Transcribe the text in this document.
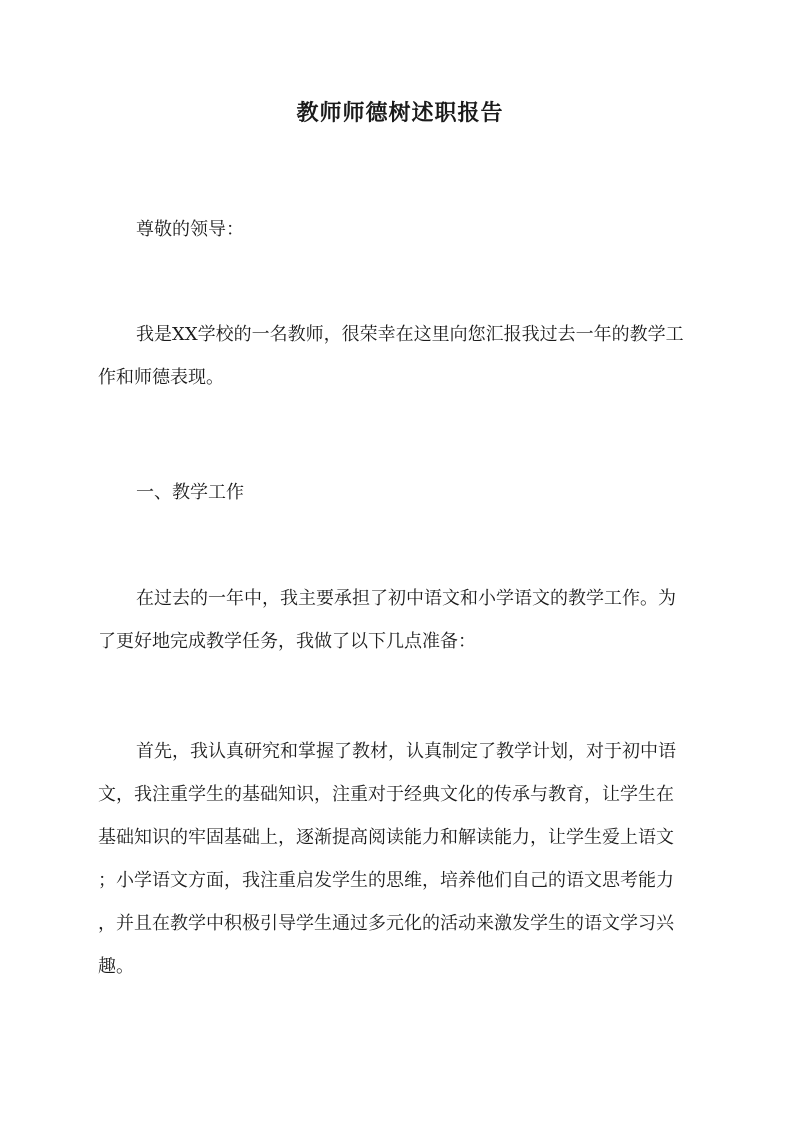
教师师德树述职报告

尊敬的领导：

我是XX学校的一名教师，很荣幸在这里向您汇报我过去一年的教学工
作和师德表现。

一、教学工作

在过去的一年中，我主要承担了初中语文和小学语文的教学工作。为
了更好地完成教学任务，我做了以下几点准备：

首先，我认真研究和掌握了教材，认真制定了教学计划，对于初中语
文，我注重学生的基础知识，注重对于经典文化的传承与教育，让学生在
基础知识的牢固基础上，逐渐提高阅读能力和解读能力，让学生爱上语文
；小学语文方面，我注重启发学生的思维，培养他们自己的语文思考能力
，并且在教学中积极引导学生通过多元化的活动来激发学生的语文学习兴
趣。
